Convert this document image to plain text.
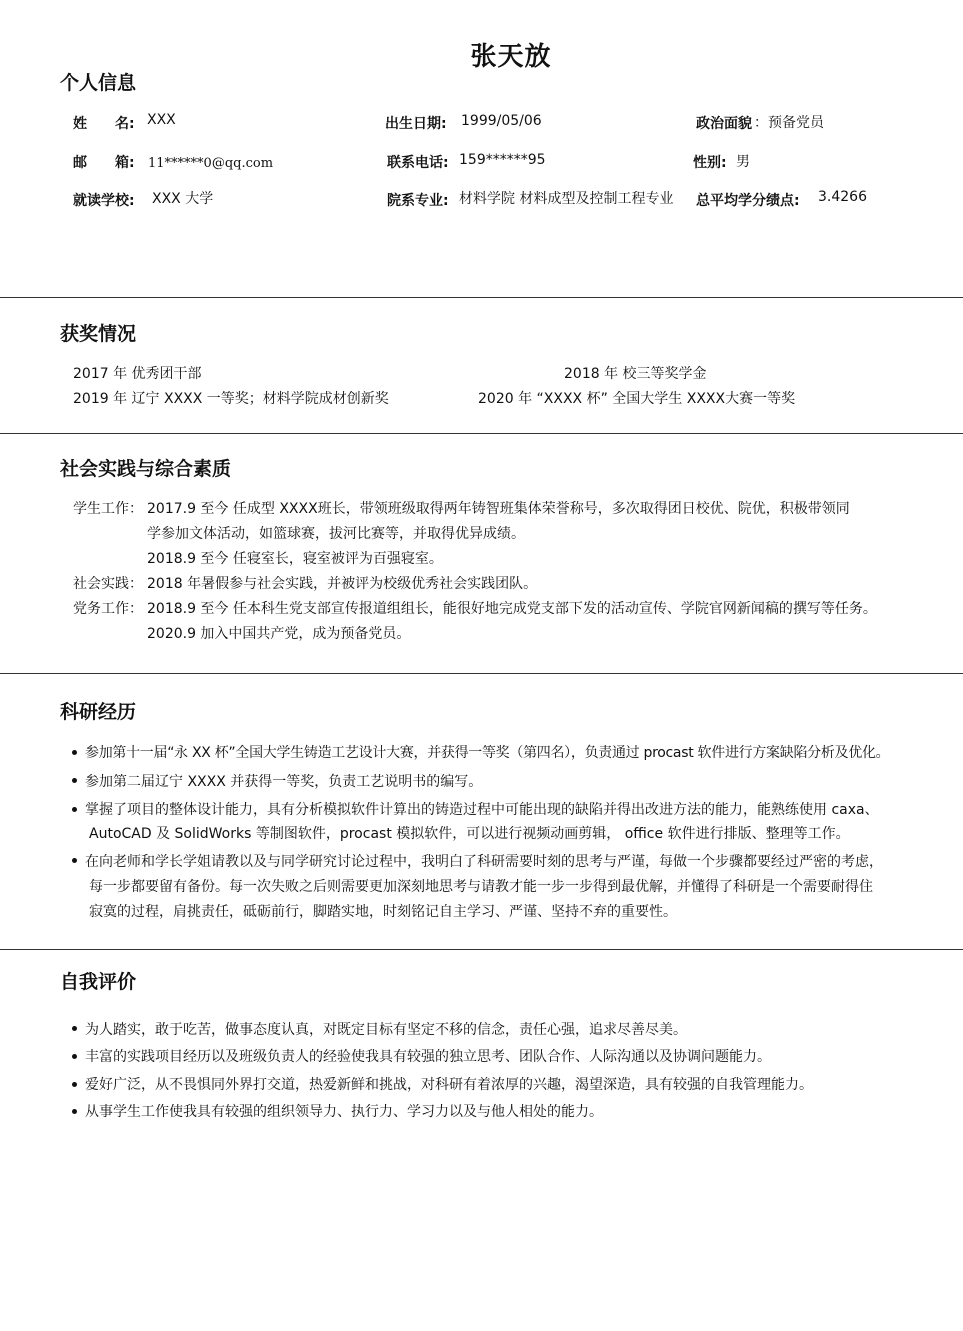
张天放
个人信息
姓　　名: XXX	出生日期: 1999/05/06	政治面貌 ：预备党员
邮　　箱: 11******0@qq.com	联系电话: 159******95	性别: 男
就读学校: XXX 大学	院系专业: 材料学院 材料成型及控制工程专业 总平均学分绩点: 3.4266
获奖情况
2017 年 优秀团干部	2018 年 校三等奖学金
2019 年 辽宁 XXXX 一等奖；材料学院成材创新奖	2020 年 “XXXX 杯” 全国大学生 XXXX大赛一等奖
社会实践与综合素质
学生工作： 2017.9 至今 任成型 XXXX班长，带领班级取得两年铸智班集体荣誉称号，多次取得团日校优、院优，积极带领同
学参加文体活动，如篮球赛，拔河比赛等，并取得优异成绩。
2018.9 至今 任寝室长，寝室被评为百强寝室。
社会实践： 2018 年暑假参与社会实践，并被评为校级优秀社会实践团队。
党务工作： 2018.9 至今 任本科生党支部宣传报道组组长，能很好地完成党支部下发的活动宣传、学院官网新闻稿的撰写等任务。
2020.9 加入中国共产党，成为预备党员。
科研经历
参加第十一届“永 XX 杯”全国大学生铸造工艺设计大赛，并获得一等奖（第四名），负责通过 procast 软件进行方案缺陷分析及优化。
参加第二届辽宁 XXXX 并获得一等奖，负责工艺说明书的编写。
掌握了项目的整体设计能力，具有分析模拟软件计算出的铸造过程中可能出现的缺陷并得出改进方法的能力，能熟练使用 caxa、
AutoCAD 及 SolidWorks 等制图软件，procast 模拟软件，可以进行视频动画剪辑， office 软件进行排版、整理等工作。
在向老师和学长学姐请教以及与同学研究讨论过程中，我明白了科研需要时刻的思考与严谨，每做一个步骤都要经过严密的考虑，
每一步都要留有备份。每一次失败之后则需要更加深刻地思考与请教才能一步一步得到最优解，并懂得了科研是一个需要耐得住
寂寞的过程，肩挑责任，砥砺前行，脚踏实地，时刻铭记自主学习、严谨、坚持不弃的重要性。
自我评价
为人踏实，敢于吃苦，做事态度认真，对既定目标有坚定不移的信念，责任心强，追求尽善尽美。
丰富的实践项目经历以及班级负责人的经验使我具有较强的独立思考、团队合作、人际沟通以及协调问题能力。
爱好广泛，从不畏惧同外界打交道，热爱新鲜和挑战，对科研有着浓厚的兴趣，渴望深造，具有较强的自我管理能力。
从事学生工作使我具有较强的组织领导力、执行力、学习力以及与他人相处的能力。
